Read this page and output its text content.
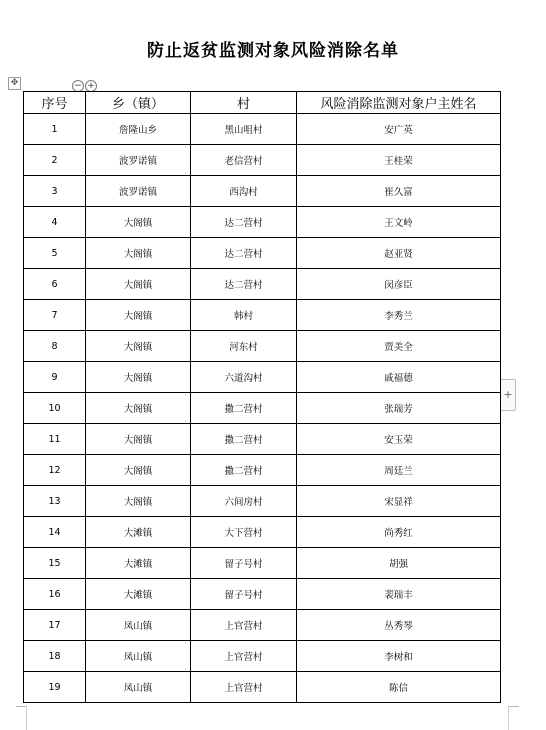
防止返贫监测对象风险消除名单
✥	− +
+
序号	乡（镇）	村	风险消除监测对象户主姓名
1	詹隆山乡	黑山咀村	安广英
2	波罗诺镇	老信营村	王桂荣
3	波罗诺镇	西沟村	崔久富
4	大阁镇	达二营村	王文岭
5	大阁镇	达二营村	赵亚贤
6	大阁镇	达二营村	闵彦臣
7	大阁镇	韩村	李秀兰
8	大阁镇	河东村	贾美全
9	大阁镇	六道沟村	戚福德
10	大阁镇	撒二营村	张瑞芳
11	大阁镇	撒二营村	安玉荣
12	大阁镇	撒二营村	周廷兰
13	大阁镇	六间房村	宋显祥
14	大滩镇	大下营村	尚秀红
15	大滩镇	留子号村	胡强
16	大滩镇	留子号村	裴瑞丰
17	凤山镇	上官营村	丛秀琴
18	凤山镇	上官营村	李树和
19	凤山镇	上官营村	陈信
